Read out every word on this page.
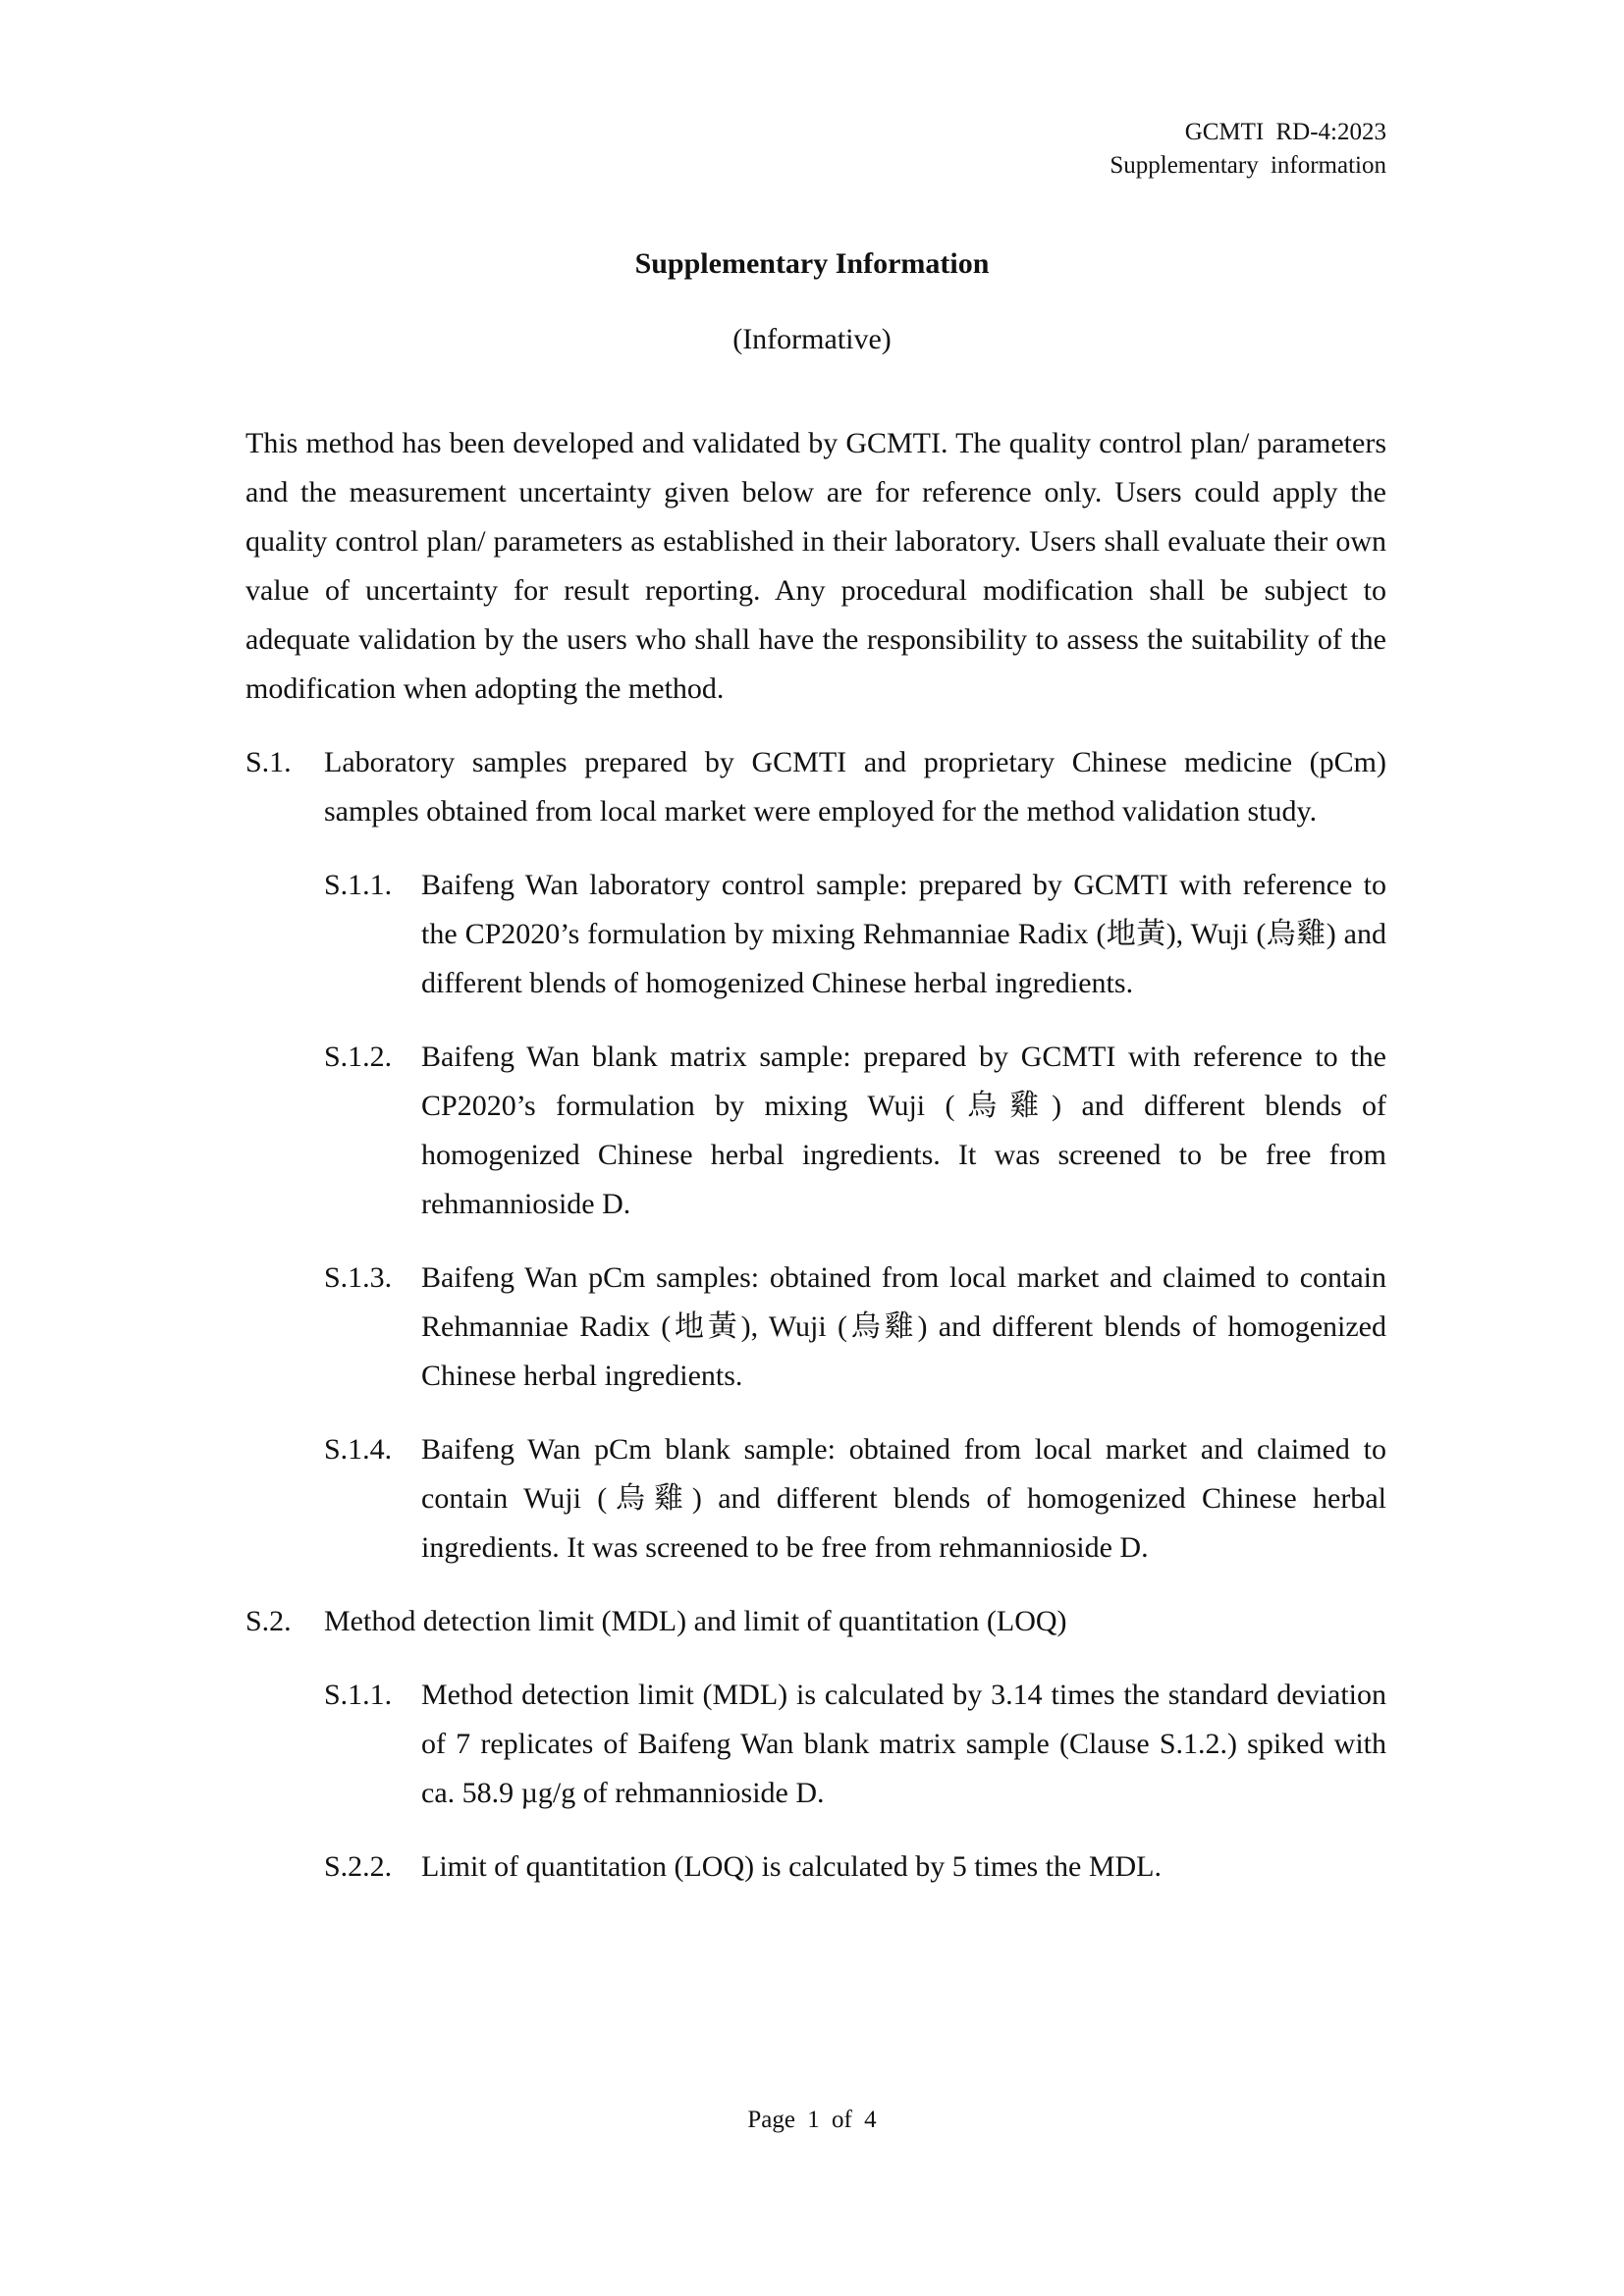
GCMTI RD-4:2023
Supplementary information
Supplementary Information
(Informative)

This method has been developed and validated by GCMTI. The quality control plan/ parameters and the measurement uncertainty given below are for reference only. Users could apply the quality control plan/ parameters as established in their laboratory. Users shall evaluate their own value of uncertainty for result reporting. Any procedural modification shall be subject to adequate validation by the users who shall have the responsibility to assess the suitability of the modification when adopting the method.

S.1. Laboratory samples prepared by GCMTI and proprietary Chinese medicine (pCm) samples obtained from local market were employed for the method validation study.
S.1.1. Baifeng Wan laboratory control sample: prepared by GCMTI with reference to the CP2020’s formulation by mixing Rehmanniae Radix (地黃), Wuji (烏雞) and different blends of homogenized Chinese herbal ingredients.
S.1.2. Baifeng Wan blank matrix sample: prepared by GCMTI with reference to the CP2020’s formulation by mixing Wuji (烏雞) and different blends of homogenized Chinese herbal ingredients. It was screened to be free from rehmannioside D.
S.1.3. Baifeng Wan pCm samples: obtained from local market and claimed to contain Rehmanniae Radix (地黃), Wuji (烏雞) and different blends of homogenized Chinese herbal ingredients.
S.1.4. Baifeng Wan pCm blank sample: obtained from local market and claimed to contain Wuji (烏雞) and different blends of homogenized Chinese herbal ingredients. It was screened to be free from rehmannioside D.
S.2. Method detection limit (MDL) and limit of quantitation (LOQ)
S.1.1. Method detection limit (MDL) is calculated by 3.14 times the standard deviation of 7 replicates of Baifeng Wan blank matrix sample (Clause S.1.2.) spiked with ca. 58.9 µg/g of rehmannioside D.
S.2.2. Limit of quantitation (LOQ) is calculated by 5 times the MDL.
Page 1 of 4
